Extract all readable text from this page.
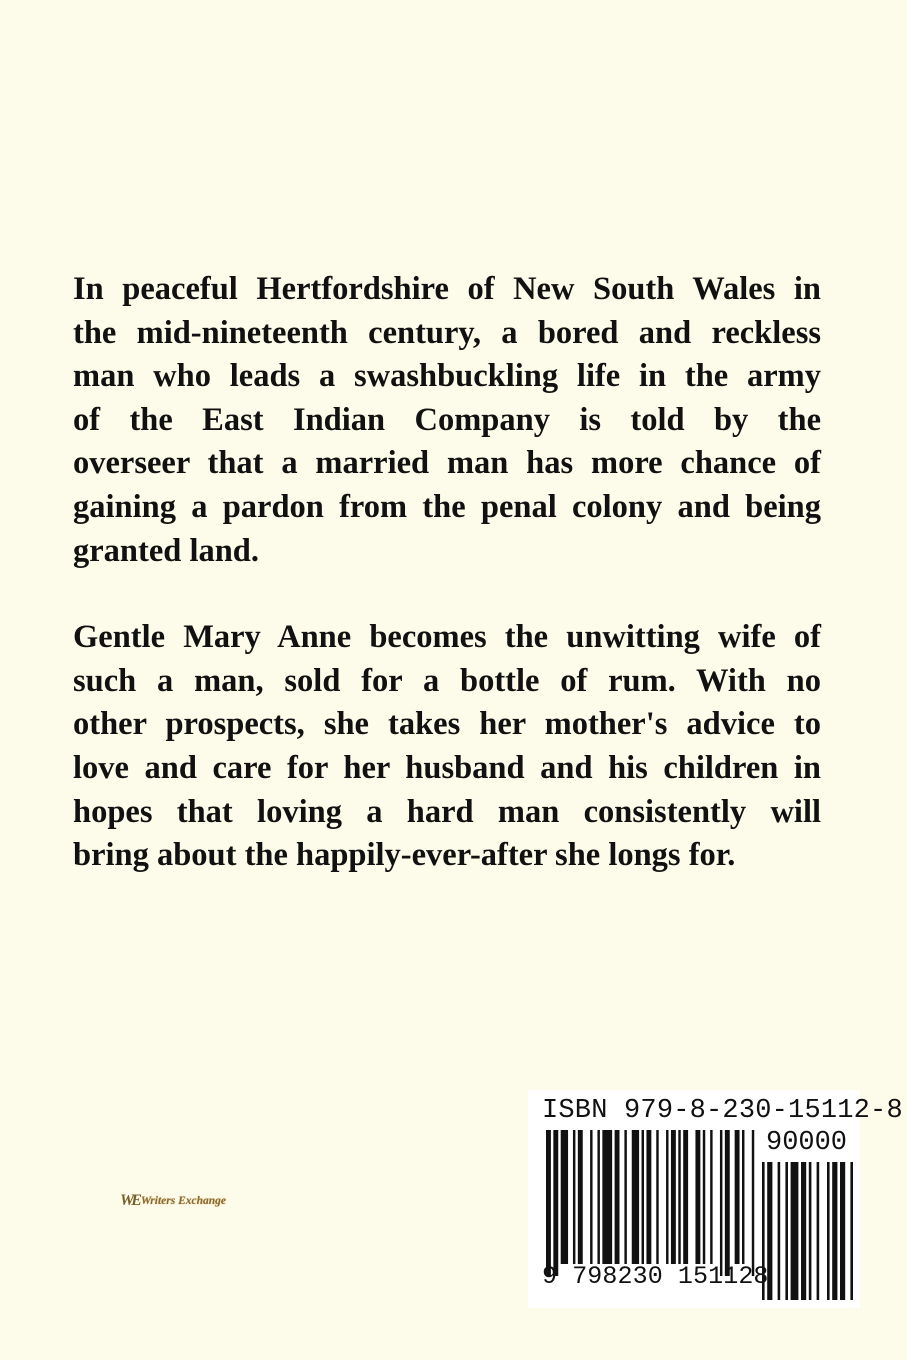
In peaceful Hertfordshire of New South Wales in
the mid-nineteenth century, a bored and reckless
man who leads a swashbuckling life in the army
of the East Indian Company is told by the
overseer that a married man has more chance of
gaining a pardon from the penal colony and being
granted land.

Gentle Mary Anne becomes the unwitting wife of
such a man, sold for a bottle of rum. With no
other prospects, she takes her mother's advice to
love and care for her husband and his children in
hopes that loving a hard man consistently will
bring about the happily-ever-after she longs for.

WE Writers Exchange
ISBN 979-8-230-15112-8
90000
9 798230 151128
